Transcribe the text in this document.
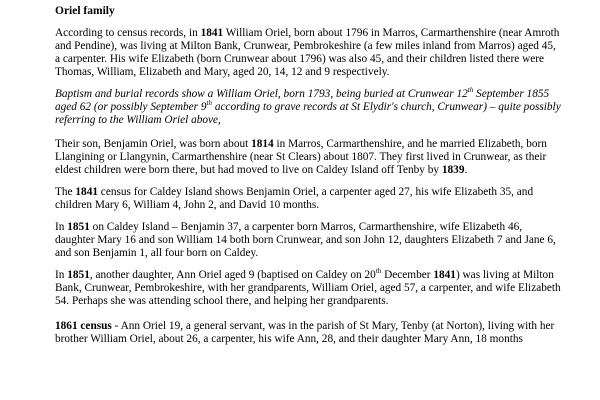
Oriel family

According to census records, in 1841 William Oriel, born about 1796 in Marros, Carmarthenshire (near Amroth and Pendine), was living at Milton Bank, Crunwear, Pembrokeshire (a few miles inland from Marros) aged 45, a carpenter. His wife Elizabeth (born Crunwear about 1796) was also 45, and their children listed there were Thomas, William, Elizabeth and Mary, aged 20, 14, 12 and 9 respectively.

Baptism and burial records show a William Oriel, born 1793, being buried at Crunwear 12th September 1855 aged 62 (or possibly September 9th according to grave records at St Elydir's church, Crunwear) – quite possibly referring to the William Oriel above,

Their son, Benjamin Oriel, was born about 1814 in Marros, Carmarthenshire, and he married Elizabeth, born Llangining or Llangynin, Carmarthenshire (near St Clears) about 1807. They first lived in Crunwear, as their eldest children were born there, but had moved to live on Caldey Island off Tenby by 1839.

The 1841 census for Caldey Island shows Benjamin Oriel, a carpenter aged 27, his wife Elizabeth 35, and children Mary 6, William 4, John 2, and David 10 months.

In 1851 on Caldey Island – Benjamin 37, a carpenter born Marros, Carmarthenshire, wife Elizabeth 46, daughter Mary 16 and son William 14 both born Crunwear, and son John 12, daughters Elizabeth 7 and Jane 6, and son Benjamin 1, all four born on Caldey.

In 1851, another daughter, Ann Oriel aged 9 (baptised on Caldey on 20th December 1841) was living at Milton Bank, Crunwear, Pembrokeshire, with her grandparents, William Oriel, aged 57, a carpenter, and wife Elizabeth 54. Perhaps she was attending school there, and helping her grandparents.

1861 census - Ann Oriel 19, a general servant, was in the parish of St Mary, Tenby (at Norton), living with her brother William Oriel, about 26, a carpenter, his wife Ann, 28, and their daughter Mary Ann, 18 months
